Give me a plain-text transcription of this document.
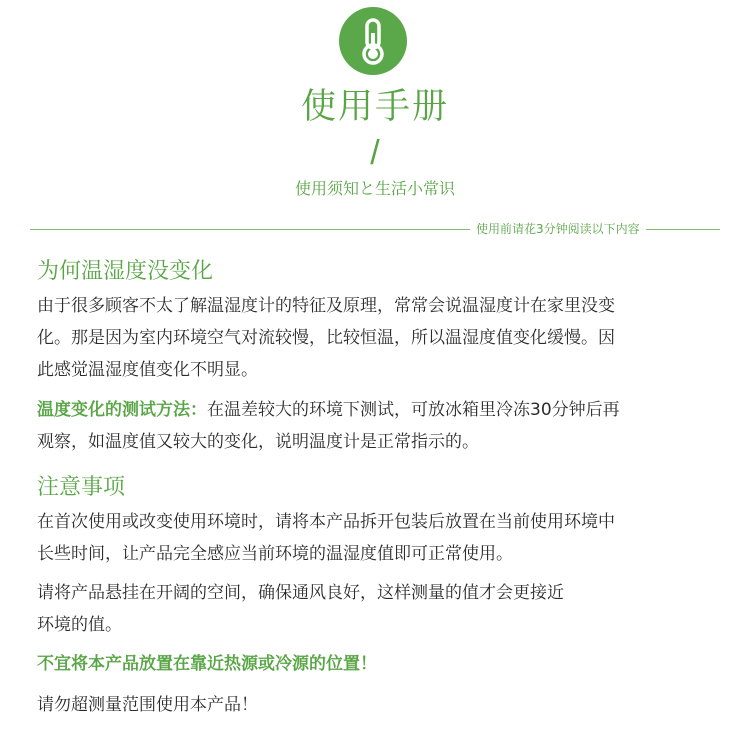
使用手册
/
使用须知と生活小常识
使用前请花3分钟阅读以下内容
为何温湿度没变化
由于很多顾客不太了解温湿度计的特征及原理，常常会说温湿度计在家里没变
化。那是因为室内环境空气对流较慢，比较恒温，所以温湿度值变化缓慢。因
此感觉温湿度值变化不明显。
温度变化的测试方法：在温差较大的环境下测试，可放冰箱里冷冻30分钟后再
观察，如温度值又较大的变化，说明温度计是正常指示的。
注意事项
在首次使用或改变使用环境时，请将本产品拆开包装后放置在当前使用环境中
长些时间，让产品完全感应当前环境的温湿度值即可正常使用。
请将产品悬挂在开阔的空间，确保通风良好，这样测量的值才会更接近
环境的值。
不宜将本产品放置在靠近热源或冷源的位置！
请勿超测量范围使用本产品！
